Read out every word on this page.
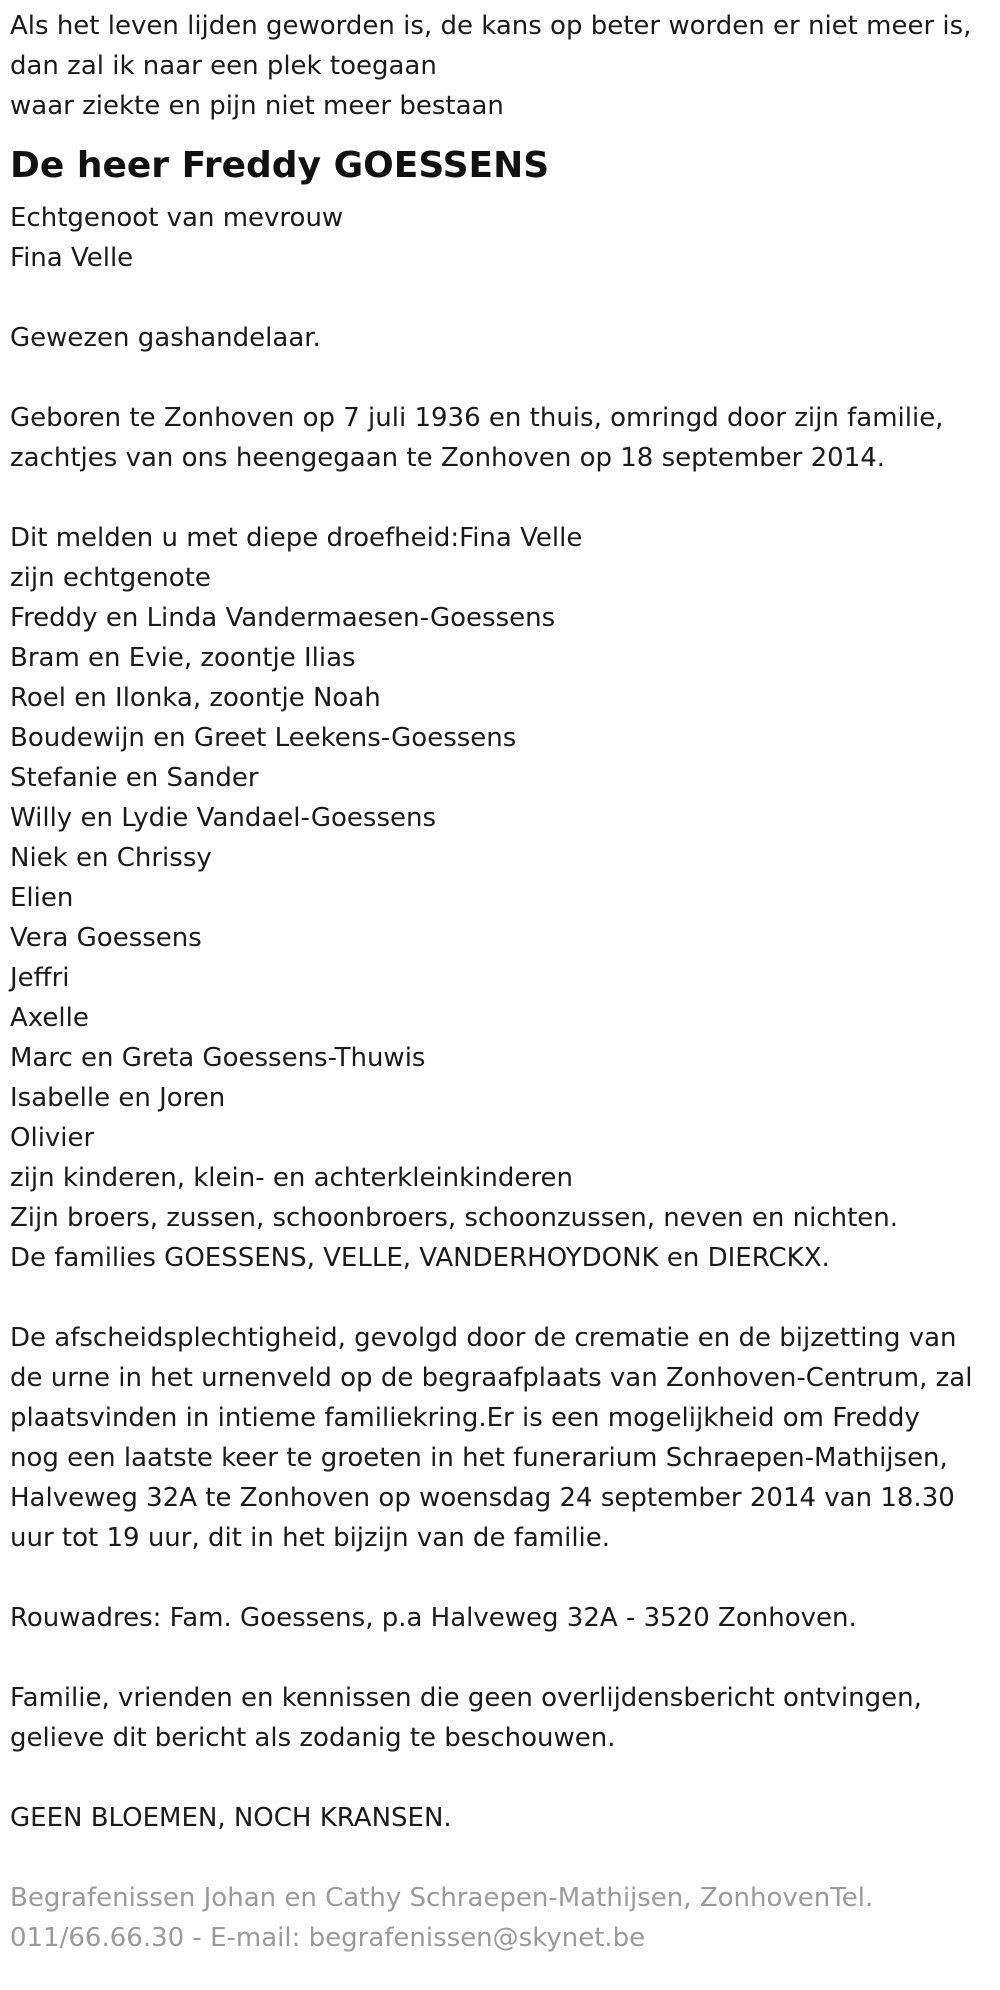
Als het leven lijden geworden is, de kans op beter worden er niet meer is,

dan zal ik naar een plek toegaan

waar ziekte en pijn niet meer bestaan

De heer Freddy GOESSENS

Echtgenoot van mevrouw

Fina Velle

Gewezen gashandelaar.

Geboren te Zonhoven op 7 juli 1936 en thuis, omringd door zijn familie,

zachtjes van ons heengegaan te Zonhoven op 18 september 2014.

Dit melden u met diepe droefheid:Fina Velle

zijn echtgenote

Freddy en Linda Vandermaesen-Goessens

Bram en Evie, zoontje Ilias

Roel en Ilonka, zoontje Noah

Boudewijn en Greet Leekens-Goessens

Stefanie en Sander

Willy en Lydie Vandael-Goessens

Niek en Chrissy

Elien

Vera Goessens

Jeffri

Axelle

Marc en Greta Goessens-Thuwis

Isabelle en Joren

Olivier

zijn kinderen, klein- en achterkleinkinderen

Zijn broers, zussen, schoonbroers, schoonzussen, neven en nichten.

De families GOESSENS, VELLE, VANDERHOYDONK en DIERCKX.

De afscheidsplechtigheid, gevolgd door de crematie en de bijzetting van

de urne in het urnenveld op de begraafplaats van Zonhoven-Centrum, zal

plaatsvinden in intieme familiekring.Er is een mogelijkheid om Freddy

nog een laatste keer te groeten in het funerarium Schraepen-Mathijsen,

Halveweg 32A te Zonhoven op woensdag 24 september 2014 van 18.30

uur tot 19 uur, dit in het bijzijn van de familie.

Rouwadres: Fam. Goessens, p.a Halveweg 32A - 3520 Zonhoven.

Familie, vrienden en kennissen die geen overlijdensbericht ontvingen,

gelieve dit bericht als zodanig te beschouwen.

GEEN BLOEMEN, NOCH KRANSEN.

Begrafenissen Johan en Cathy Schraepen-Mathijsen, ZonhovenTel.

011/66.66.30 - E-mail: begrafenissen@skynet.be
